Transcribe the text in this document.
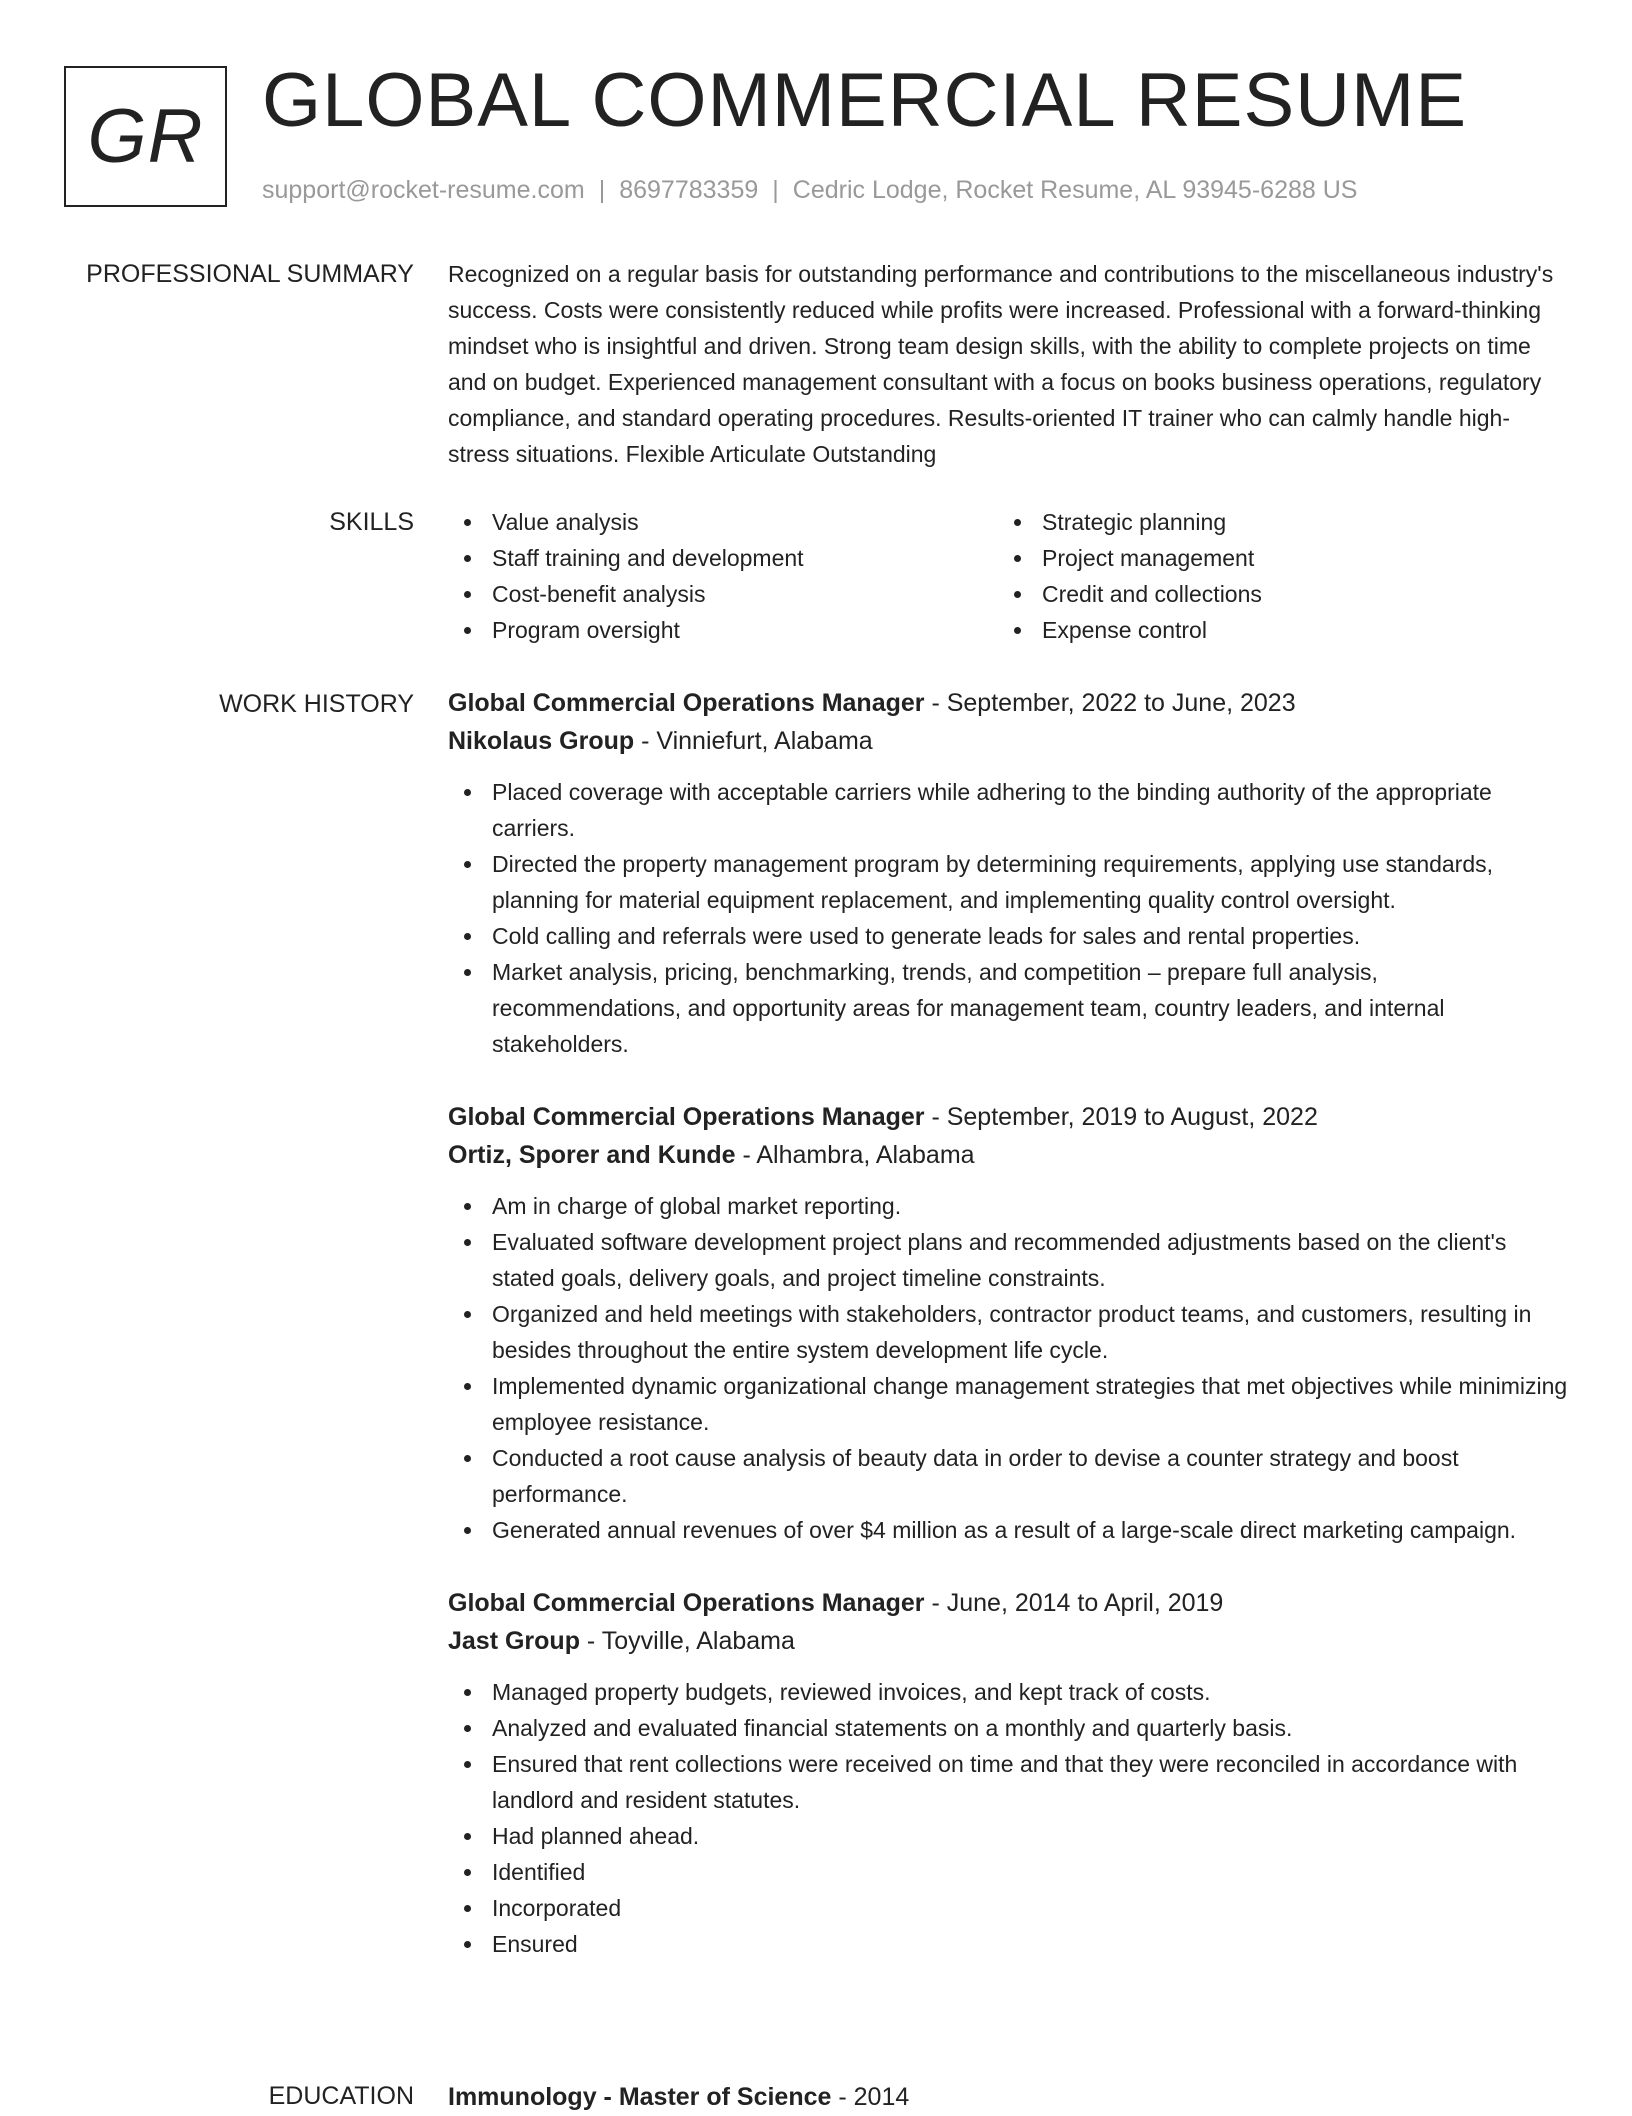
GR GLOBAL COMMERCIAL RESUME
support@rocket-resume.com | 8697783359 | Cedric Lodge, Rocket Resume, AL 93945-6288 US
PROFESSIONAL SUMMARY Recognized on a regular basis for outstanding performance and contributions to the miscellaneous industry's success. Costs were consistently reduced while profits were increased. Professional with a forward-thinking mindset who is insightful and driven. Strong team design skills, with the ability to complete projects on time and on budget. Experienced management consultant with a focus on books business operations, regulatory compliance, and standard operating procedures. Results-oriented IT trainer who can calmly handle high-stress situations. Flexible Articulate Outstanding

SKILLS	Value analysis	Strategic planning
Staff training and development	Project management
Cost-benefit analysis	Credit and collections
Program oversight	Expense control
WORK HISTORY Global Commercial Operations Manager - September, 2022 to June, 2023
Nikolaus Group - Vinniefurt, Alabama
Placed coverage with acceptable carriers while adhering to the binding authority of the appropriate carriers.
Directed the property management program by determining requirements, applying use standards, planning for material equipment replacement, and implementing quality control oversight.
Cold calling and referrals were used to generate leads for sales and rental properties.
Market analysis, pricing, benchmarking, trends, and competition – prepare full analysis, recommendations, and opportunity areas for management team, country leaders, and internal stakeholders.
Global Commercial Operations Manager - September, 2019 to August, 2022
Ortiz, Sporer and Kunde - Alhambra, Alabama
Am in charge of global market reporting.
Evaluated software development project plans and recommended adjustments based on the client's stated goals, delivery goals, and project timeline constraints.
Organized and held meetings with stakeholders, contractor product teams, and customers, resulting in besides throughout the entire system development life cycle.
Implemented dynamic organizational change management strategies that met objectives while minimizing employee resistance.
Conducted a root cause analysis of beauty data in order to devise a counter strategy and boost performance.
Generated annual revenues of over $4 million as a result of a large-scale direct marketing campaign.
Global Commercial Operations Manager - June, 2014 to April, 2019
Jast Group - Toyville, Alabama
Managed property budgets, reviewed invoices, and kept track of costs.
Analyzed and evaluated financial statements on a monthly and quarterly basis.
Ensured that rent collections were received on time and that they were reconciled in accordance with landlord and resident statutes.
Had planned ahead.
Identified
Incorporated
Ensured
EDUCATION Immunology - Master of Science - 2014
